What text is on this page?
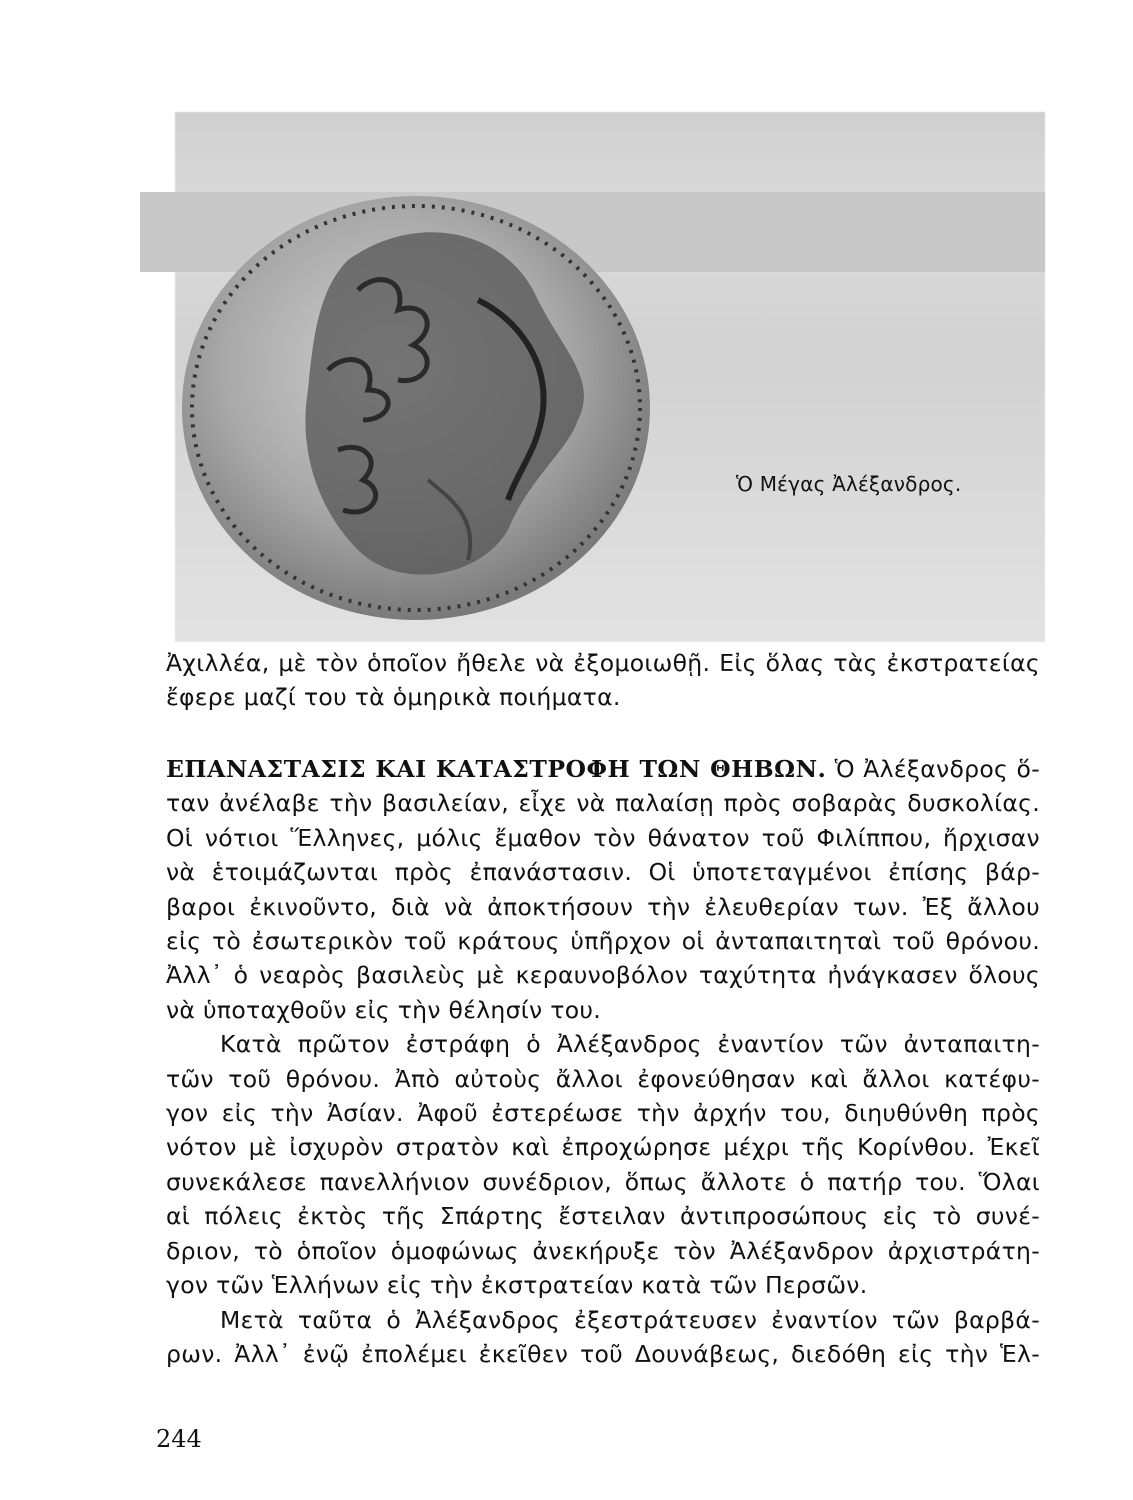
Ὁ Μέγας Ἀλέξανδρος.

Ἀχιλλέα, μὲ τὸν ὁποῖον ἤθελε νὰ ἐξομοιωθῇ. Εἰς ὅλας τὰς ἐκστρατείας

ἔφερε μαζί του τὰ ὁμηρικὰ ποιήματα.

ΕΠΑΝΑΣΤΑΣΙΣ ΚΑΙ ΚΑΤΑΣΤΡΟΦΗ ΤΩΝ ΘΗΒΩΝ. Ὁ Ἀλέξανδρος ὅ-

ταν ἀνέλαβε τὴν βασιλείαν, εἶχε νὰ παλαίσῃ πρὸς σοβαρὰς δυσκολίας.

Οἱ νότιοι Ἕλληνες, μόλις ἔμαθον τὸν θάνατον τοῦ Φιλίππου, ἤρχισαν

νὰ ἑτοιμάζωνται πρὸς ἐπανάστασιν. Οἱ ὑποτεταγμένοι ἐπίσης βάρ-

βαροι ἐκινοῦντο, διὰ νὰ ἀποκτήσουν τὴν ἐλευθερίαν των. Ἐξ ἄλλου

εἰς τὸ ἐσωτερικὸν τοῦ κράτους ὑπῆρχον οἱ ἀνταπαιτηταὶ τοῦ θρόνου.

Ἀλλ᾽ ὁ νεαρὸς βασιλεὺς μὲ κεραυνοβόλον ταχύτητα ἠνάγκασεν ὅλους

νὰ ὑποταχθοῦν εἰς τὴν θέλησίν του.

Κατὰ πρῶτον ἐστράφη ὁ Ἀλέξανδρος ἐναντίον τῶν ἀνταπαιτη-

τῶν τοῦ θρόνου. Ἀπὸ αὐτοὺς ἄλλοι ἐφονεύθησαν καὶ ἄλλοι κατέφυ-

γον εἰς τὴν Ἀσίαν. Ἀφοῦ ἐστερέωσε τὴν ἀρχήν του, διηυθύνθη πρὸς

νότον μὲ ἰσχυρὸν στρατὸν καὶ ἐπροχώρησε μέχρι τῆς Κορίνθου. Ἐκεῖ

συνεκάλεσε πανελλήνιον συνέδριον, ὅπως ἄλλοτε ὁ πατήρ του. Ὅλαι

αἱ πόλεις ἐκτὸς τῆς Σπάρτης ἔστειλαν ἀντιπροσώπους εἰς τὸ συνέ-

δριον, τὸ ὁποῖον ὁμοφώνως ἀνεκήρυξε τὸν Ἀλέξανδρον ἀρχιστράτη-

γον τῶν Ἑλλήνων εἰς τὴν ἐκστρατείαν κατὰ τῶν Περσῶν.

Μετὰ ταῦτα ὁ Ἀλέξανδρος ἐξεστράτευσεν ἐναντίον τῶν βαρβά-

ρων. Ἀλλ᾽ ἐνῷ ἐπολέμει ἐκεῖθεν τοῦ Δουνάβεως, διεδόθη εἰς τὴν Ἑλ-

244
